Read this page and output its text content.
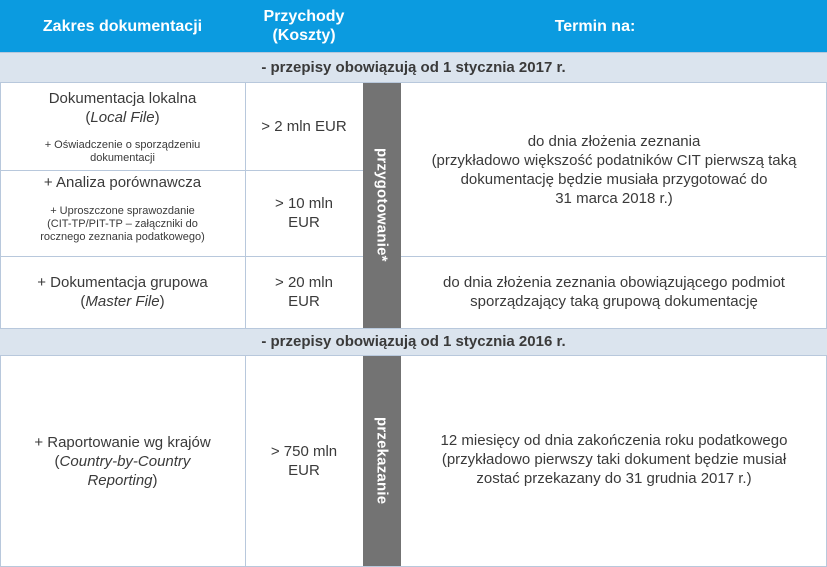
Zakres dokumentacji
Przychody
(Koszty)
Termin na:
- przepisy obowiązują od 1 stycznia 2017 r.

Dokumentacja lokalna

(Local File)

+ Oświadczenie o sporządzeniu
dokumentacji

> 2 mln EUR

+ Analiza porównawcza

+ Uproszczone sprawozdanie
(CIT-TP/PIT-TP – załączniki do
rocznego zeznania podatkowego)

> 10 mln
EUR
do dnia złożenia zeznania
(przykładowo większość podatników CIT pierwszą taką
dokumentację będzie musiała przygotować do
31 marca 2018 r.)

+ Dokumentacja grupowa

(Master File)

> 20 mln
EUR
do dnia złożenia zeznania obowiązującego podmiot
sporządzający taką grupową dokumentację
przygotowanie*
- przepisy obowiązują od 1 stycznia 2016 r.

+ Raportowanie wg krajów

(Country-by-Country

Reporting)

> 750 mln
EUR	przekazanie	12 miesięcy od dnia zakończenia roku podatkowego
(przykładowo pierwszy taki dokument będzie musiał
zostać przekazany do 31 grudnia 2017 r.)
